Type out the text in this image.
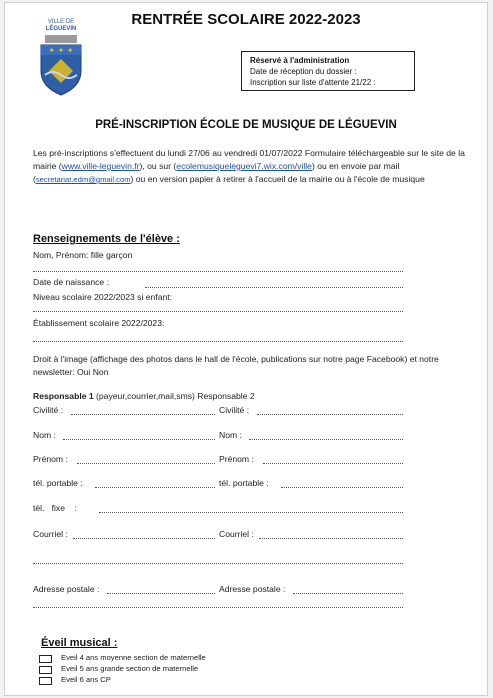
VILLE DE
LÉGUEVIN
✦ ✦ ✦
RENTRÉE SCOLAIRE 2022-2023
Réservé à l'administration
Date de réception du dossier :
Inscription sur liste d'attente 21/22 :
PRÉ-INSCRIPTION ÉCOLE DE MUSIQUE DE LÉGUEVIN
Les pré-inscriptions s'effectuent du lundi 27/06 au vendredi 01/07/2022 Formulaire téléchargeable sur le site de la mairie (www.ville-leguevin.fr), ou sur (ecolemusiqueleguevi7.wix.com/ville) ou en envoie par mail (secretariat.edm@gmail.com) ou en version papier à retirer à l'accueil de la mairie ou à l'école de musique
Renseignements de l'élève :
Nom, Prénom: fille garçon
Date de naissance :
Niveau scolaire 2022/2023 si enfant:
Établissement scolaire 2022/2023:
Droit à l'image (affichage des photos dans le hall de l'école, publications sur notre page Facebook) et notre newsletter: Oui Non
Responsable 1 (payeur,courrier,mail,sms) Responsable 2
Civilité :	Civilité :
Nom :	Nom :
Prénom :	Prénom :
tél. portable :	tél. portable :
tél.   fixe    :
Courriel :	Courriel :
Adresse postale :	Adresse postale :
Éveil musical :
Eveil 4 ans moyenne section de maternelle
Eveil 5 ans grande section de maternelle
Eveil 6 ans CP
